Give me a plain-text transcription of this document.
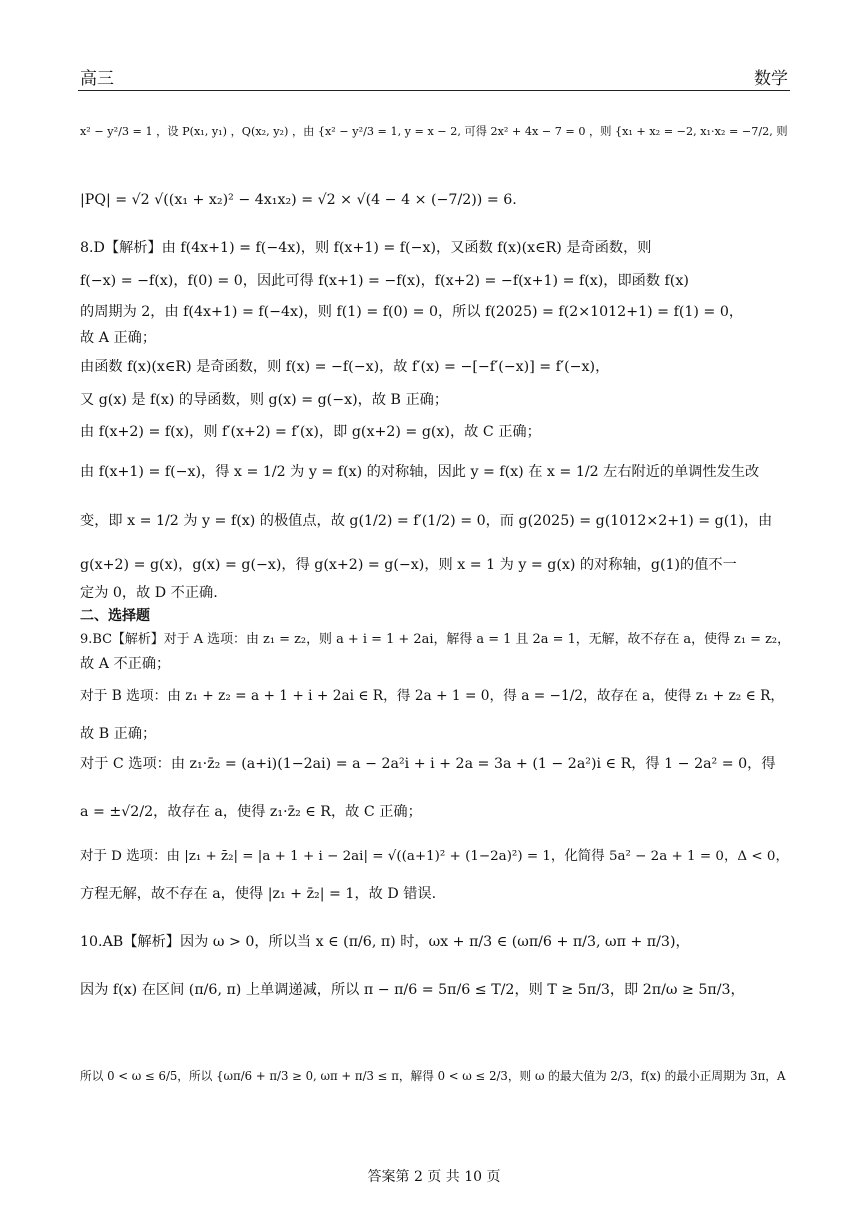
高三	数学
x² − y²/3 = 1 ，设 P(x₁, y₁) ，Q(x₂, y₂) ，由 {x² − y²/3 = 1, y = x − 2, 可得 2x² + 4x − 7 = 0 ，则 {x₁ + x₂ = −2, x₁·x₂ = −7/2, 则
|PQ| = √2 √((x₁ + x₂)² − 4x₁x₂) = √2 × √(4 − 4 × (−7/2)) = 6.
8.D【解析】由 f(4x+1) = f(−4x)，则 f(x+1) = f(−x)，又函数 f(x)(x∈R) 是奇函数，则
f(−x) = −f(x)，f(0) = 0，因此可得 f(x+1) = −f(x)，f(x+2) = −f(x+1) = f(x)，即函数 f(x)
的周期为 2，由 f(4x+1) = f(−4x)，则 f(1) = f(0) = 0，所以 f(2025) = f(2×1012+1) = f(1) = 0，
故 A 正确；
由函数 f(x)(x∈R) 是奇函数，则 f(x) = −f(−x)，故 f′(x) = −[−f′(−x)] = f′(−x)，
又 g(x) 是 f(x) 的导函数，则 g(x) = g(−x)，故 B 正确；
由 f(x+2) = f(x)，则 f′(x+2) = f′(x)，即 g(x+2) = g(x)，故 C 正确；
由 f(x+1) = f(−x)，得 x = 1/2 为 y = f(x) 的对称轴，因此 y = f(x) 在 x = 1/2 左右附近的单调性发生改
变，即 x = 1/2 为 y = f(x) 的极值点，故 g(1/2) = f′(1/2) = 0，而 g(2025) = g(1012×2+1) = g(1)，由
g(x+2) = g(x)，g(x) = g(−x)，得 g(x+2) = g(−x)，则 x = 1 为 y = g(x) 的对称轴，g(1)的值不一
定为 0，故 D 不正确.
二、选择题
9.BC【解析】对于 A 选项：由 z₁ = z₂，则 a + i = 1 + 2ai，解得 a = 1 且 2a = 1，无解，故不存在 a，使得 z₁ = z₂，
故 A 不正确；
对于 B 选项：由 z₁ + z₂ = a + 1 + i + 2ai ∈ R，得 2a + 1 = 0，得 a = −1/2，故存在 a，使得 z₁ + z₂ ∈ R，
故 B 正确；
对于 C 选项：由 z₁·z̄₂ = (a+i)(1−2ai) = a − 2a²i + i + 2a = 3a + (1 − 2a²)i ∈ R，得 1 − 2a² = 0，得
a = ±√2/2，故存在 a，使得 z₁·z̄₂ ∈ R，故 C 正确；
对于 D 选项：由 |z₁ + z̄₂| = |a + 1 + i − 2ai| = √((a+1)² + (1−2a)²) = 1，化简得 5a² − 2a + 1 = 0，Δ < 0，
方程无解，故不存在 a，使得 |z₁ + z̄₂| = 1，故 D 错误.
10.AB【解析】因为 ω > 0，所以当 x ∈ (π/6, π) 时，ωx + π/3 ∈ (ωπ/6 + π/3, ωπ + π/3)，
因为 f(x) 在区间 (π/6, π) 上单调递减，所以 π − π/6 = 5π/6 ≤ T/2，则 T ≥ 5π/3，即 2π/ω ≥ 5π/3，
所以 0 < ω ≤ 6/5，所以 {ωπ/6 + π/3 ≥ 0, ωπ + π/3 ≤ π，解得 0 < ω ≤ 2/3，则 ω 的最大值为 2/3，f(x) 的最小正周期为 3π，A
答案第 2 页 共 10 页
